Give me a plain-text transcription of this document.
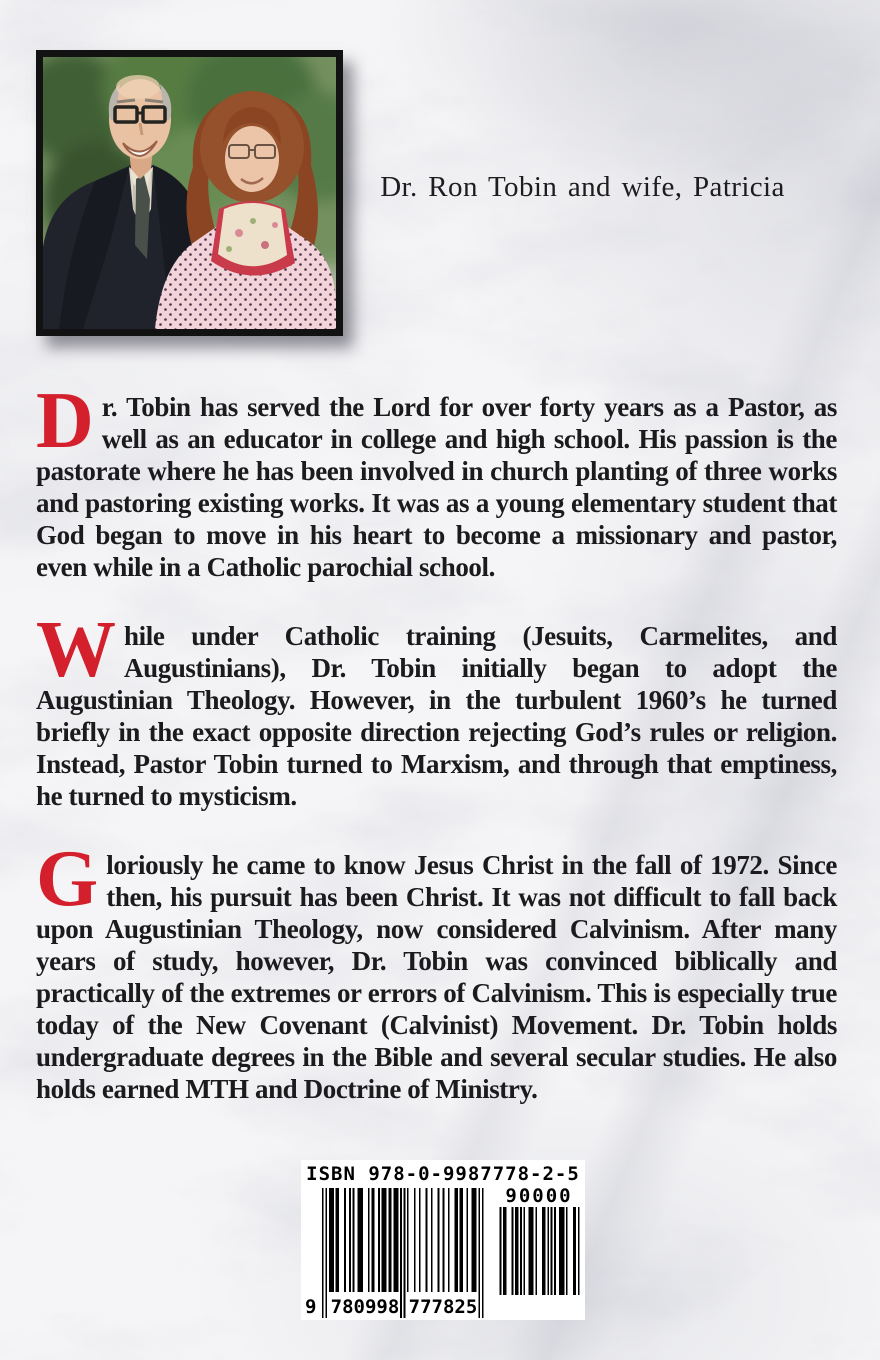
Dr. Ron Tobin and wife, Patricia

Dr. Tobin has served the Lord for over forty years as a Pastor, as well as an educator in college and high school. His passion is the pastorate where he has been involved in church planting of three works and pastoring existing works. It was as a young elementary student that God began to move in his heart to become a missionary and pastor, even while in a Catholic parochial school.

While under Catholic training (Jesuits, Carmelites, and Augustinians), Dr. Tobin initially began to adopt the Augustinian Theology. However, in the turbulent 1960’s he turned briefly in the exact opposite direction rejecting God’s rules or religion. Instead, Pastor Tobin turned to Marxism, and through that emptiness, he turned to mysticism.

Gloriously he came to know Jesus Christ in the fall of 1972. Since then, his pursuit has been Christ. It was not difficult to fall back upon Augustinian Theology, now considered Calvinism. After many years of study, however, Dr. Tobin was convinced biblically and practically of the extremes or errors of Calvinism. This is especially true today of the New Covenant (Calvinist) Movement. Dr. Tobin holds undergraduate degrees in the Bible and several secular studies. He also holds earned MTH and Doctrine of Ministry.

ISBN 978-0-9987778-2-5
9 780998 777825
90000
